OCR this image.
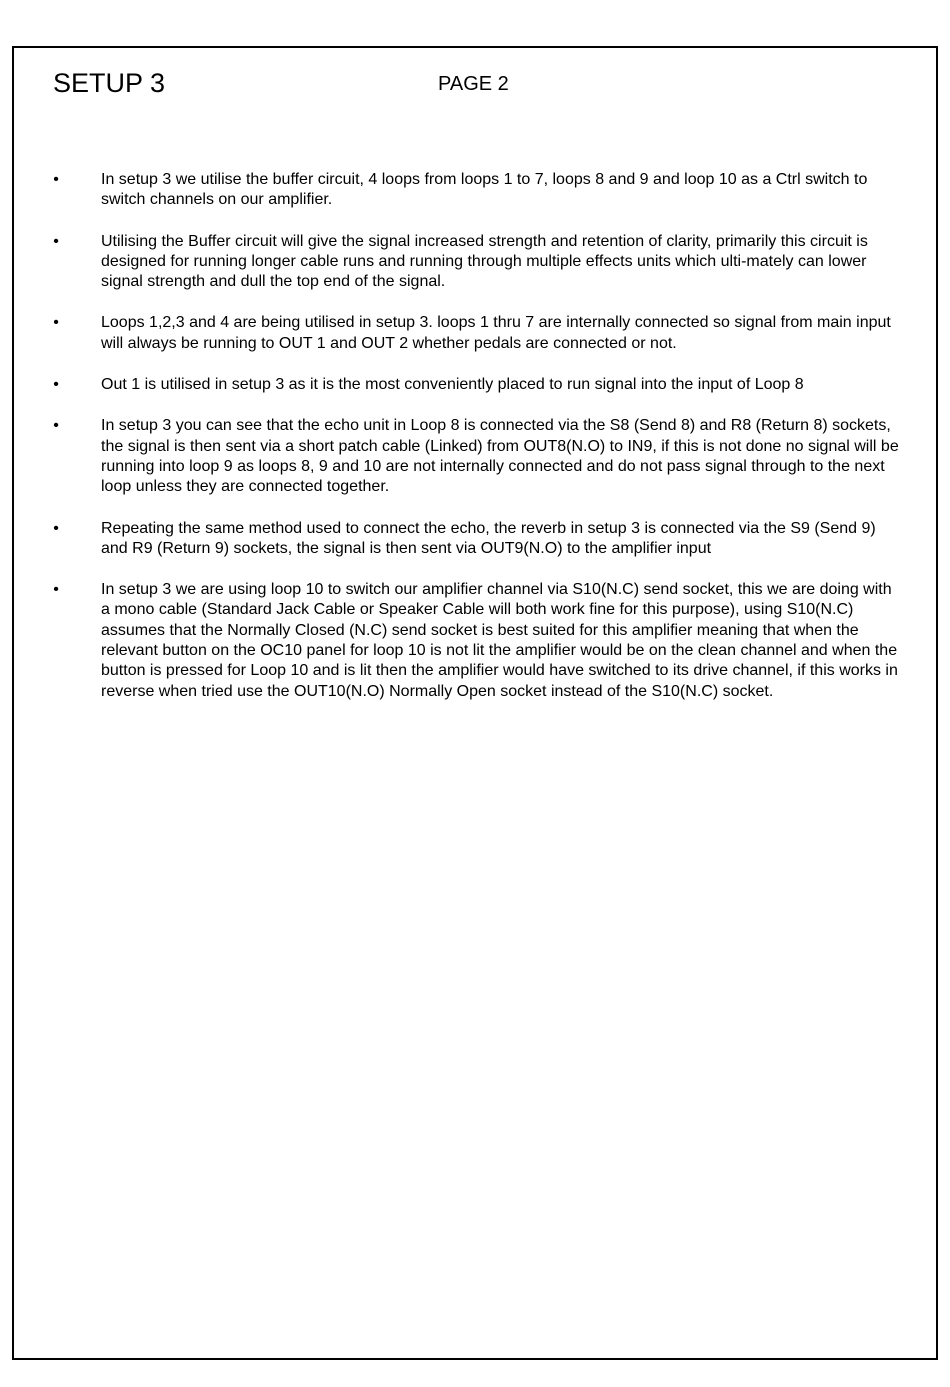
SETUP 3	PAGE 2
•	In setup 3 we utilise the buffer circuit, 4 loops from loops 1 to 7, loops 8 and 9 and loop 10 as a Ctrl switch to switch channels on our amplifier.
•	Utilising the Buffer circuit will give the signal increased strength and retention of clarity, primarily this circuit is designed for running longer cable runs and running through multiple effects units which ulti-mately can lower signal strength and dull the top end of the signal.
•	Loops 1,2,3 and 4 are being utilised in setup 3. loops 1 thru 7 are internally connected so signal from main input will always be running to OUT 1 and OUT 2 whether pedals are connected or not.
•	Out 1 is utilised in setup 3 as it is the most conveniently placed to run signal into the input of Loop 8
•	In setup 3 you can see that the echo unit in Loop 8 is connected via the S8 (Send 8) and R8 (Return 8) sockets, the signal is then sent via a short patch cable (Linked) from OUT8(N.O) to IN9, if this is not done no signal will be running into loop 9 as loops 8, 9 and 10 are not internally connected and do not pass signal through to the next loop unless they are connected together.
•	Repeating the same method used to connect the echo, the reverb in setup 3 is connected via the S9 (Send 9) and R9 (Return 9) sockets, the signal is then sent via OUT9(N.O) to the amplifier input
•	In setup 3 we are using loop 10 to switch our amplifier channel via S10(N.C) send socket, this we are doing with a mono cable (Standard Jack Cable or Speaker Cable will both work fine for this purpose), using S10(N.C) assumes that the Normally Closed (N.C) send socket is best suited for this amplifier meaning that when the relevant button on the OC10 panel for loop 10 is not lit the amplifier would be on the clean channel and when the button is pressed for Loop 10 and is lit then the amplifier would have switched to its drive channel, if this works in reverse when tried use the OUT10(N.O) Normally Open socket instead of the S10(N.C) socket.
